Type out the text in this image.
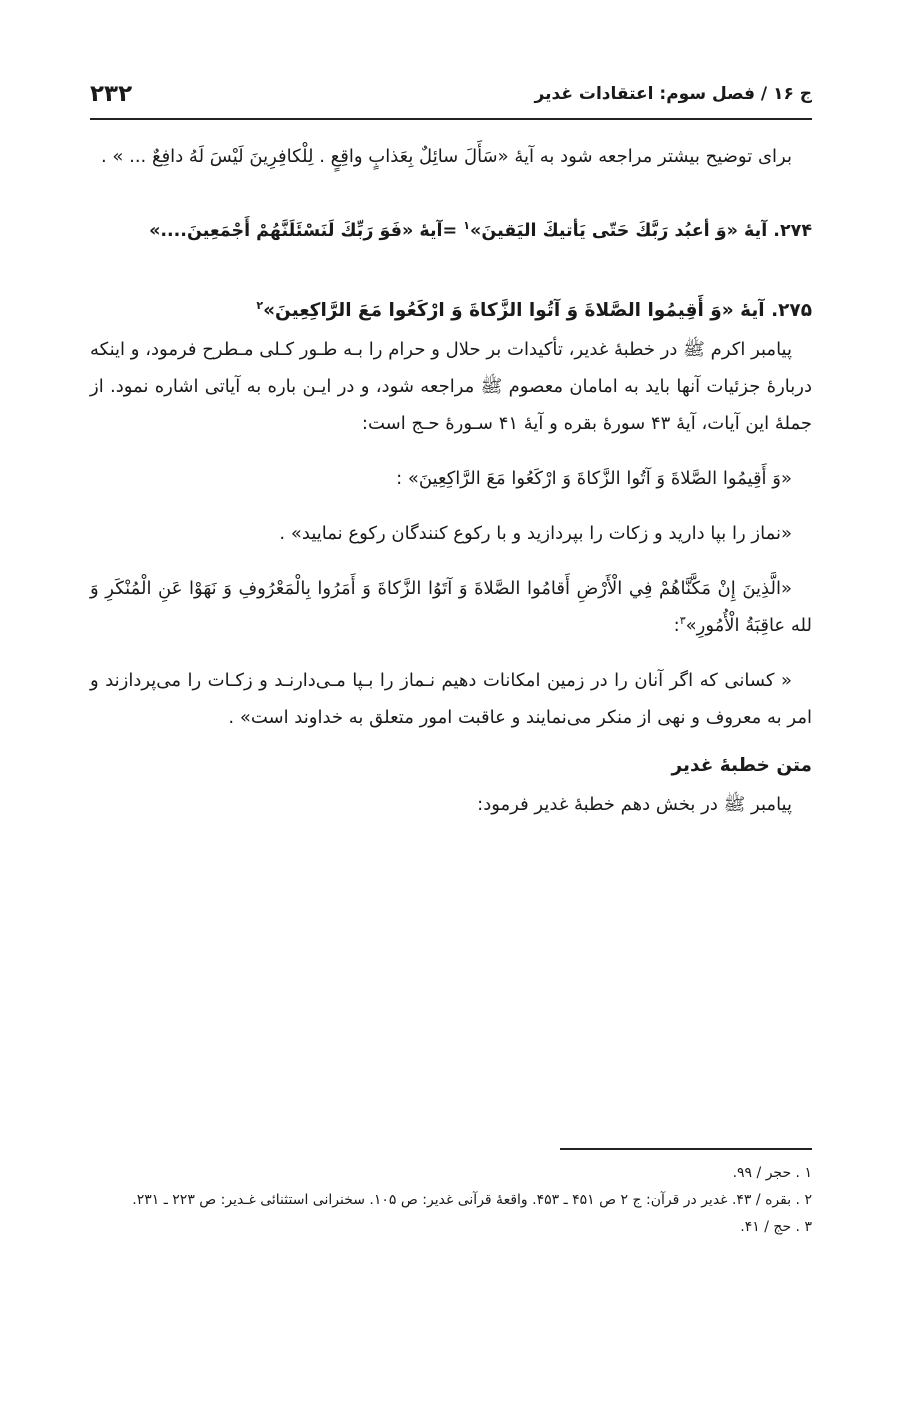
ج ۱۶ / فصل سوم: اعتقادات غدیر
۲۳۲

برای توضیح بیشتر مراجعه شود به آیۀ «سَأَلَ سائِلٌ بِعَذابٍ واقِعٍ . لِلْكافِرِينَ لَيْسَ لَهُ دافِعٌ ... » .

۲۷۴. آیۀ «وَ أعبُد رَبَّكَ حَتّی یَأتيكَ اليَقينَ»$^۱$ =آیۀ «فَوَ رَبِّكَ لَنَسْئَلَنَّهُمْ أَجْمَعِينَ....»

۲۷۵. آیۀ «وَ أَقِيمُوا الصَّلاةَ وَ آتُوا الزَّكاةَ وَ ارْكَعُوا مَعَ الرَّاكِعِينَ»$^۲$

پیامبر اکرم ﷺ در خطبۀ غدیر، تأکیدات بر حلال و حرام را بـه طـور کـلی مـطرح فرمود، و اینکه دربارۀ جزئیات آنها باید به امامان معصوم ﷺ مراجعه شود، و در ایـن باره به آیاتی اشاره نمود. از جملۀ این آیات، آیۀ ۴۳ سورۀ بقره و آیۀ ۴۱ سـورۀ حـج است:

«وَ أَقِيمُوا الصَّلاةَ وَ آتُوا الزَّكاةَ وَ ارْكَعُوا مَعَ الرَّاكِعِينَ» :

«نماز را بپا دارید و زکات را بپردازید و با رکوع کنندگان رکوع نمایید» .

«الَّذِينَ إِنْ مَكَّنَّاهُمْ فِي الْأَرْضِ أَقامُوا الصَّلاةَ وَ آتَوُا الزَّكاةَ وَ أَمَرُوا بِالْمَعْرُوفِ وَ نَهَوْا عَنِ الْمُنْكَرِ وَ لله عاقِبَةُ الْأُمُورِ»$^۳$:

« کسانی که اگر آنان را در زمین امکانات دهیم نـماز را بـپا مـی‌دارنـد و زکـات را می‌پردازند و امر به معروف و نهی از منکر می‌نمایند و عاقبت امور متعلق به خداوند است» .

متن خطبۀ غدیر

پیامبر ﷺ در بخش دهم خطبۀ غدیر فرمود:

۱ . حجر / ۹۹.

۲ . بقره / ۴۳. غدیر در قرآن: ج ۲ ص ۴۵۱ ـ ۴۵۳. واقعۀ قرآنی غدیر: ص ۱۰۵. سخنرانی استثنائی غـدیر: ص ۲۲۳ ـ ۲۳۱.

۳ . حج / ۴۱.
